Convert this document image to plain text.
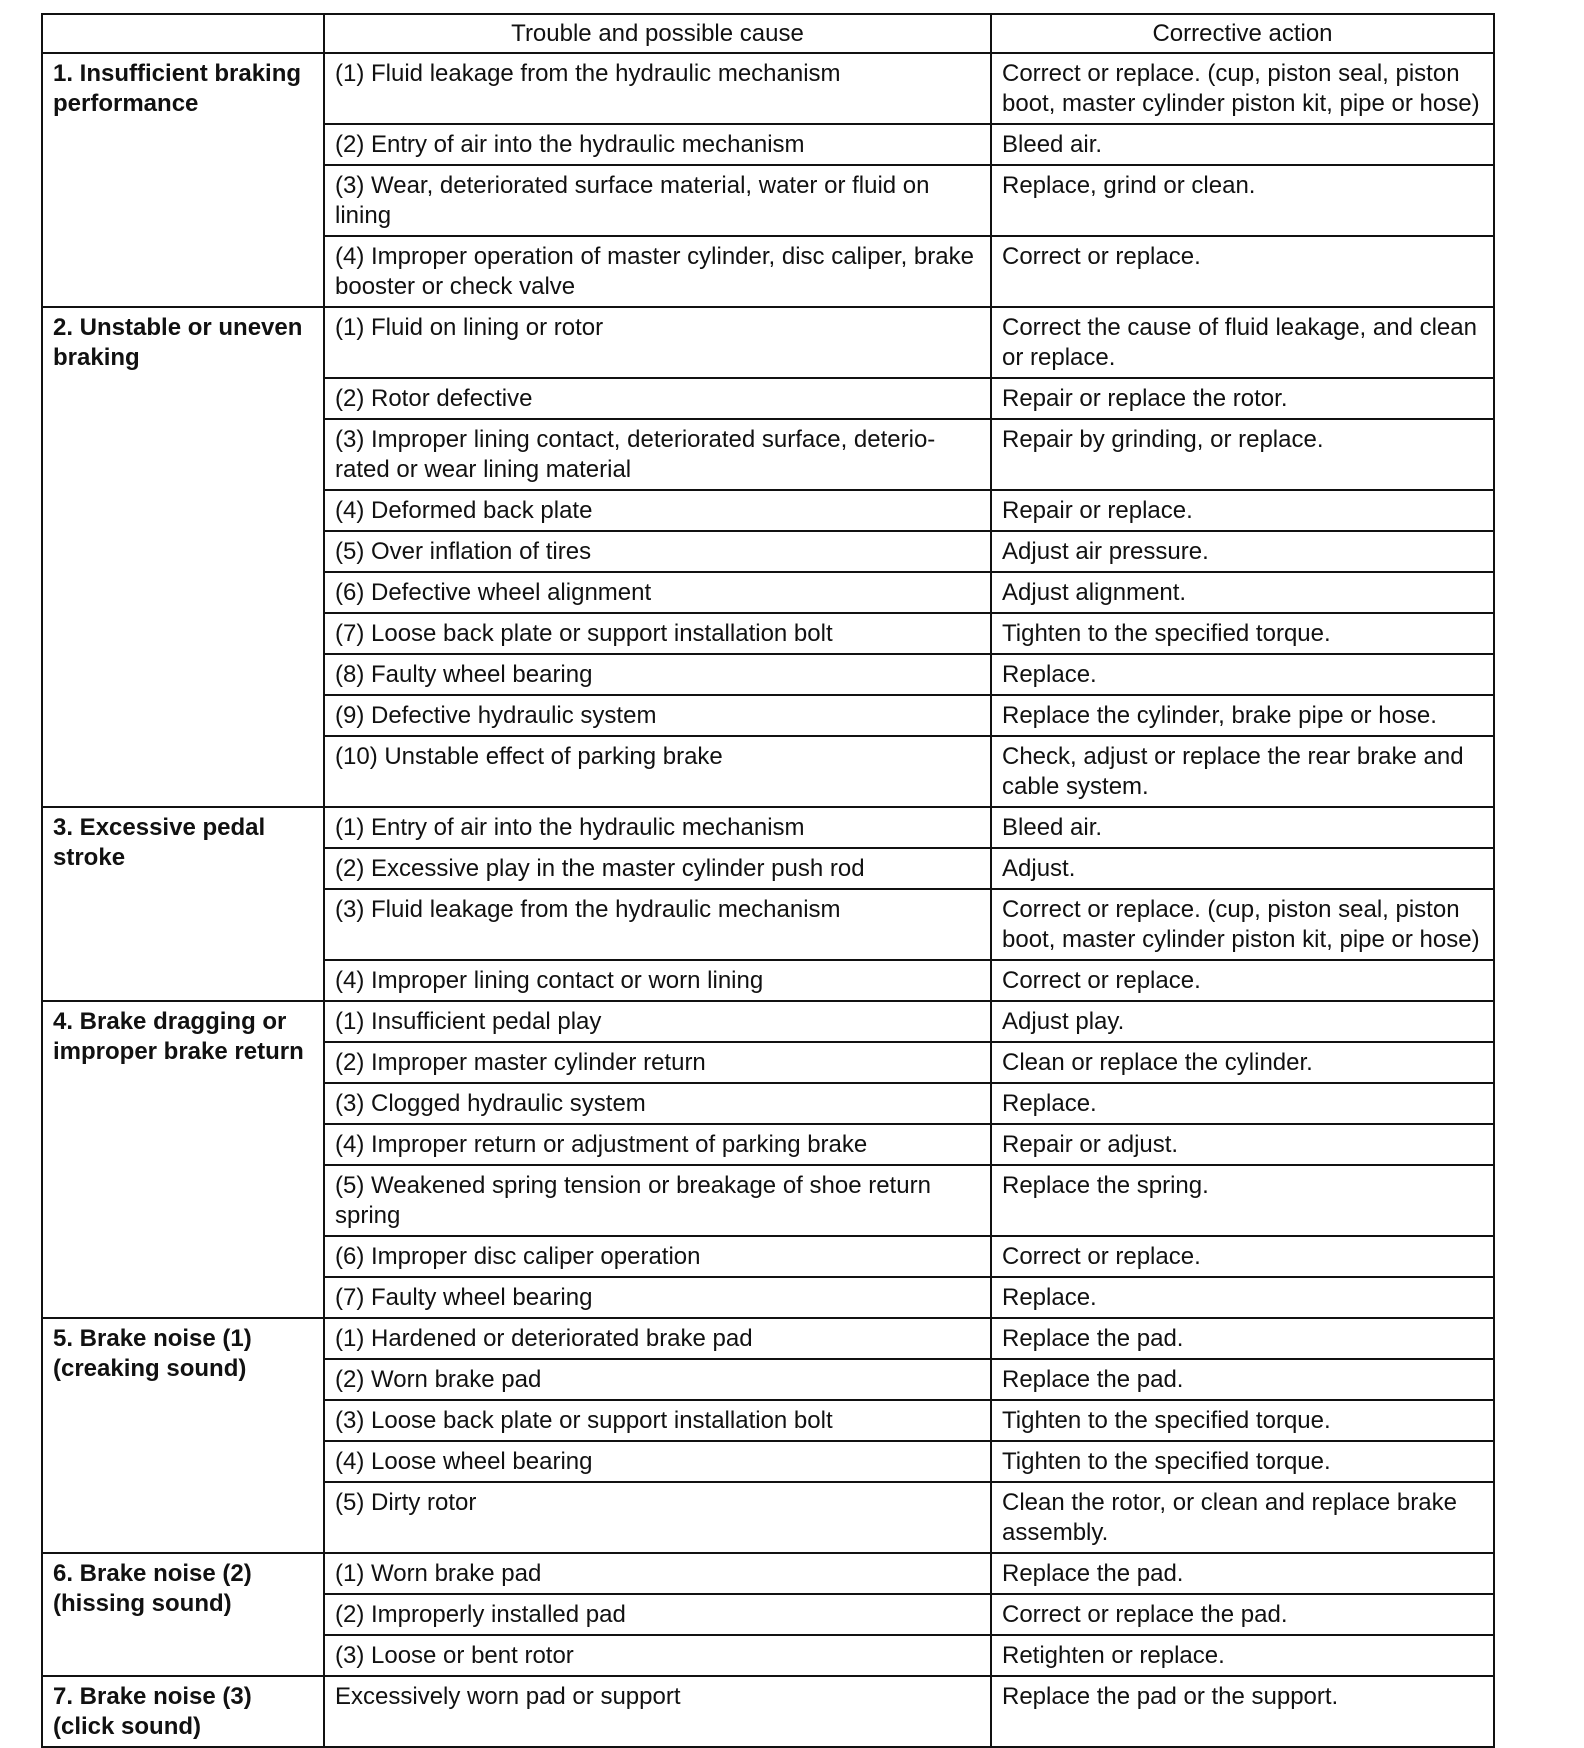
	Trouble and possible cause	Corrective action
1. Insufficient braking performance	(1) Fluid leakage from the hydraulic mechanism	Correct or replace. (cup, piston seal, piston boot, master cylinder piston kit, pipe or hose)
	(2) Entry of air into the hydraulic mechanism	Bleed air.
	(3) Wear, deteriorated surface material, water or fluid on lining	Replace, grind or clean.
	(4) Improper operation of master cylinder, disc caliper, brake booster or check valve	Correct or replace.
2. Unstable or uneven braking	(1) Fluid on lining or rotor	Correct the cause of fluid leakage, and clean or replace.
	(2) Rotor defective	Repair or replace the rotor.
	(3) Improper lining contact, deteriorated surface, deterio-rated or wear lining material	Repair by grinding, or replace.
	(4) Deformed back plate	Repair or replace.
	(5) Over inflation of tires	Adjust air pressure.
	(6) Defective wheel alignment	Adjust alignment.
	(7) Loose back plate or support installation bolt	Tighten to the specified torque.
	(8) Faulty wheel bearing	Replace.
	(9) Defective hydraulic system	Replace the cylinder, brake pipe or hose.
	(10) Unstable effect of parking brake	Check, adjust or replace the rear brake and cable system.
3. Excessive pedal stroke	(1) Entry of air into the hydraulic mechanism	Bleed air.
	(2) Excessive play in the master cylinder push rod	Adjust.
	(3) Fluid leakage from the hydraulic mechanism	Correct or replace. (cup, piston seal, piston boot, master cylinder piston kit, pipe or hose)
	(4) Improper lining contact or worn lining	Correct or replace.
4. Brake dragging or improper brake return	(1) Insufficient pedal play	Adjust play.
	(2) Improper master cylinder return	Clean or replace the cylinder.
	(3) Clogged hydraulic system	Replace.
	(4) Improper return or adjustment of parking brake	Repair or adjust.
	(5) Weakened spring tension or breakage of shoe return spring	Replace the spring.
	(6) Improper disc caliper operation	Correct or replace.
	(7) Faulty wheel bearing	Replace.
5. Brake noise (1) (creaking sound)	(1) Hardened or deteriorated brake pad	Replace the pad.
	(2) Worn brake pad	Replace the pad.
	(3) Loose back plate or support installation bolt	Tighten to the specified torque.
	(4) Loose wheel bearing	Tighten to the specified torque.
	(5) Dirty rotor	Clean the rotor, or clean and replace brake assembly.
6. Brake noise (2) (hissing sound)	(1) Worn brake pad	Replace the pad.
	(2) Improperly installed pad	Correct or replace the pad.
	(3) Loose or bent rotor	Retighten or replace.
7. Brake noise (3) (click sound)	Excessively worn pad or support	Replace the pad or the support.
